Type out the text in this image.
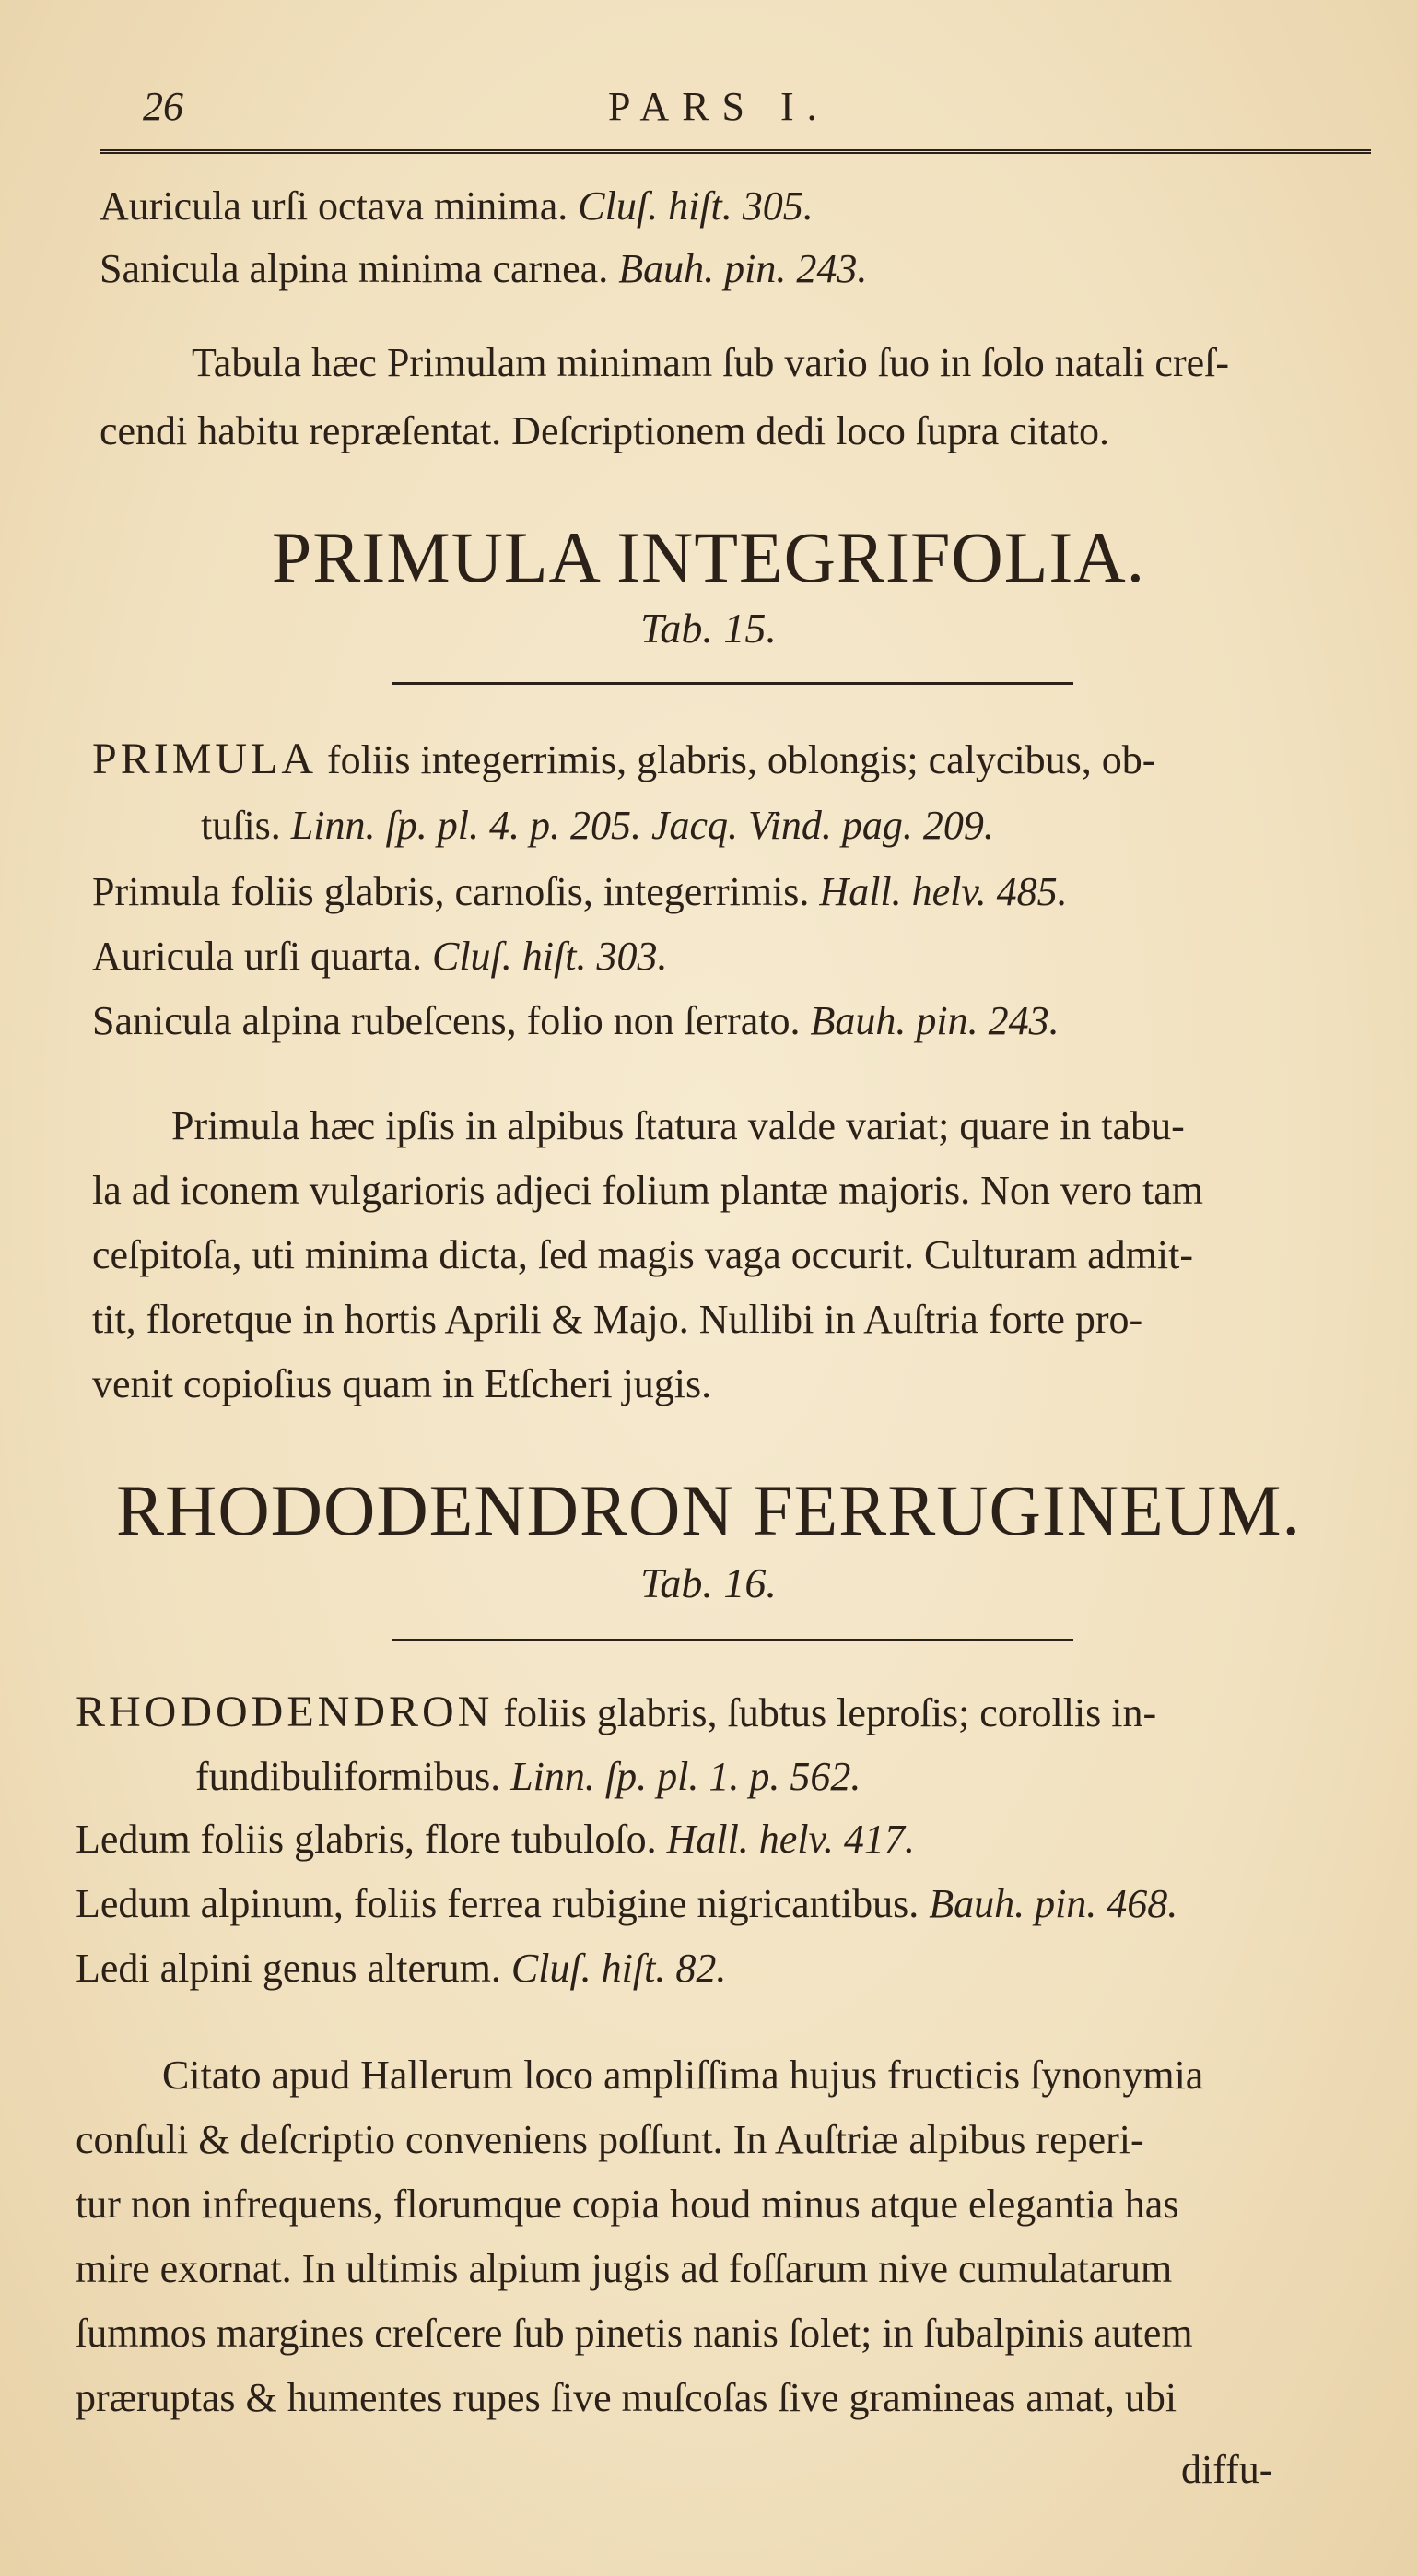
26	PARS I.
Auricula urſi octava minima. Cluſ. hiſt. 305.
Sanicula alpina minima carnea. Bauh. pin. 243.
Tabula hæc Primulam minimam ſub vario ſuo in ſolo natali creſ-
cendi habitu repræſentat. Deſcriptionem dedi loco ſupra citato.
PRIMULA INTEGRIFOLIA.
Tab. 15.
PRIMULA foliis integerrimis, glabris, oblongis; calycibus, ob-
tuſis. Linn. ſp. pl. 4. p. 205. Jacq. Vind. pag. 209.
Primula foliis glabris, carnoſis, integerrimis. Hall. helv. 485.
Auricula urſi quarta. Cluſ. hiſt. 303.
Sanicula alpina rubeſcens, folio non ſerrato. Bauh. pin. 243.
Primula hæc ipſis in alpibus ſtatura valde variat; quare in tabu-
la ad iconem vulgarioris adjeci folium plantæ majoris. Non vero tam
ceſpitoſa, uti minima dicta, ſed magis vaga occurit. Culturam admit-
tit, floretque in hortis Aprili & Majo. Nullibi in Auſtria forte pro-
venit copioſius quam in Etſcheri jugis.
RHODODENDRON FERRUGINEUM.
Tab. 16.
RHODODENDRON foliis glabris, ſubtus leproſis; corollis in-
fundibuliformibus. Linn. ſp. pl. 1. p. 562.
Ledum foliis glabris, flore tubuloſo. Hall. helv. 417.
Ledum alpinum, foliis ferrea rubigine nigricantibus. Bauh. pin. 468.
Ledi alpini genus alterum. Cluſ. hiſt. 82.
Citato apud Hallerum loco ampliſſima hujus fructicis ſynonymia
conſuli & deſcriptio conveniens poſſunt. In Auſtriæ alpibus reperi-
tur non infrequens, florumque copia houd minus atque elegantia has
mire exornat. In ultimis alpium jugis ad foſſarum nive cumulatarum
ſummos margines creſcere ſub pinetis nanis ſolet; in ſubalpinis autem
præruptas & humentes rupes ſive muſcoſas ſive gramineas amat, ubi
diffu-
